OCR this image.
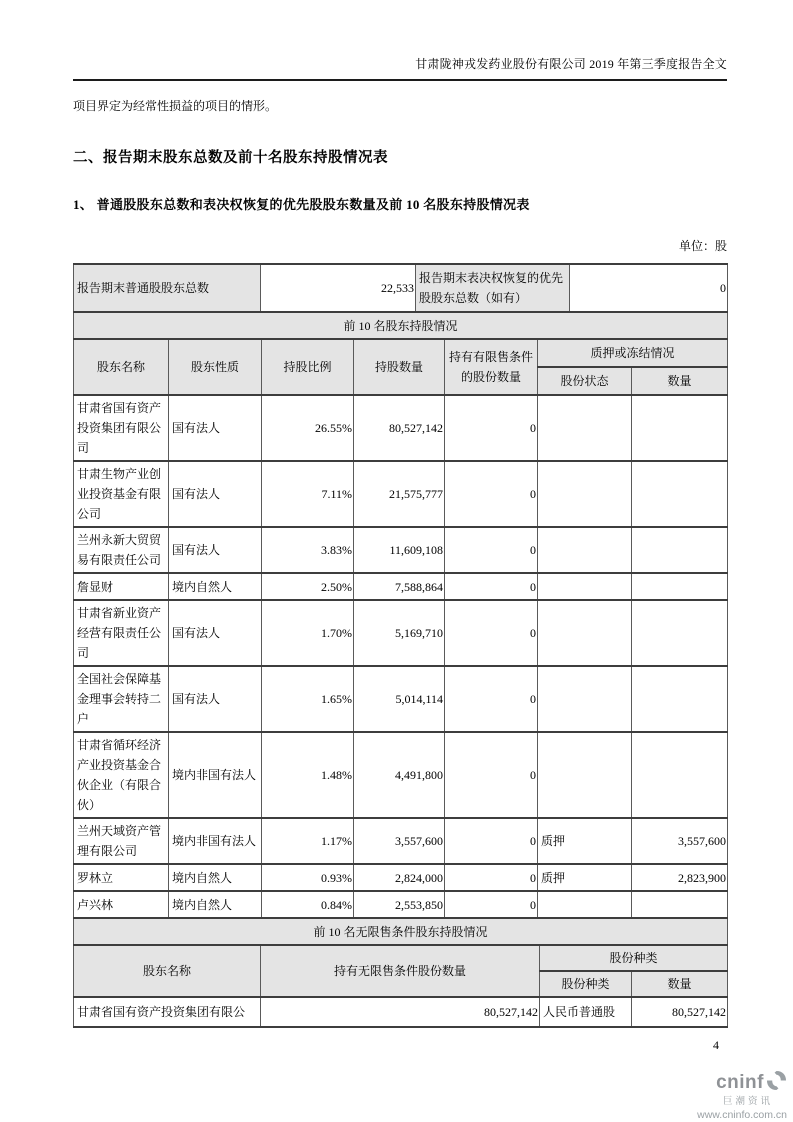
甘肃陇神戎发药业股份有限公司 2019 年第三季度报告全文
项目界定为经常性损益的项目的情形。
二、报告期末股东总数及前十名股东持股情况表
1、 普通股股东总数和表决权恢复的优先股股东数量及前 10 名股东持股情况表
单位：股
报告期末普通股股东总数	22,533	报告期末表决权恢复的优先股股东总数（如有）	0
前 10 名股东持股情况						
股东名称	股东性质	持股比例	持股数量	持有有限售条件的股份数量	质押或冻结情况	
					股份状态	数量
甘肃省国有资产投资集团有限公司	国有法人	26.55%	80,527,142	0		
甘肃生物产业创业投资基金有限公司	国有法人	7.11%	21,575,777	0		
兰州永新大贸贸易有限责任公司	国有法人	3.83%	11,609,108	0		
詹显财	境内自然人	2.50%	7,588,864	0		
甘肃省新业资产经营有限责任公司	国有法人	1.70%	5,169,710	0		
全国社会保障基金理事会转持二户	国有法人	1.65%	5,014,114	0		
甘肃省循环经济产业投资基金合伙企业（有限合伙）	境内非国有法人	1.48%	4,491,800	0		
兰州天域资产管理有限公司	境内非国有法人	1.17%	3,557,600	0	质押	3,557,600
罗林立	境内自然人	0.93%	2,824,000	0	质押	2,823,900
卢兴林	境内自然人	0.84%	2,553,850	0		
前 10 名无限售条件股东持股情况			
股东名称	持有无限售条件股份数量	股份种类	
		股份种类	数量
甘肃省国有资产投资集团有限公	80,527,142	人民币普通股	80,527,142
4
cninf
巨潮资讯
www.cninfo.com.cn
